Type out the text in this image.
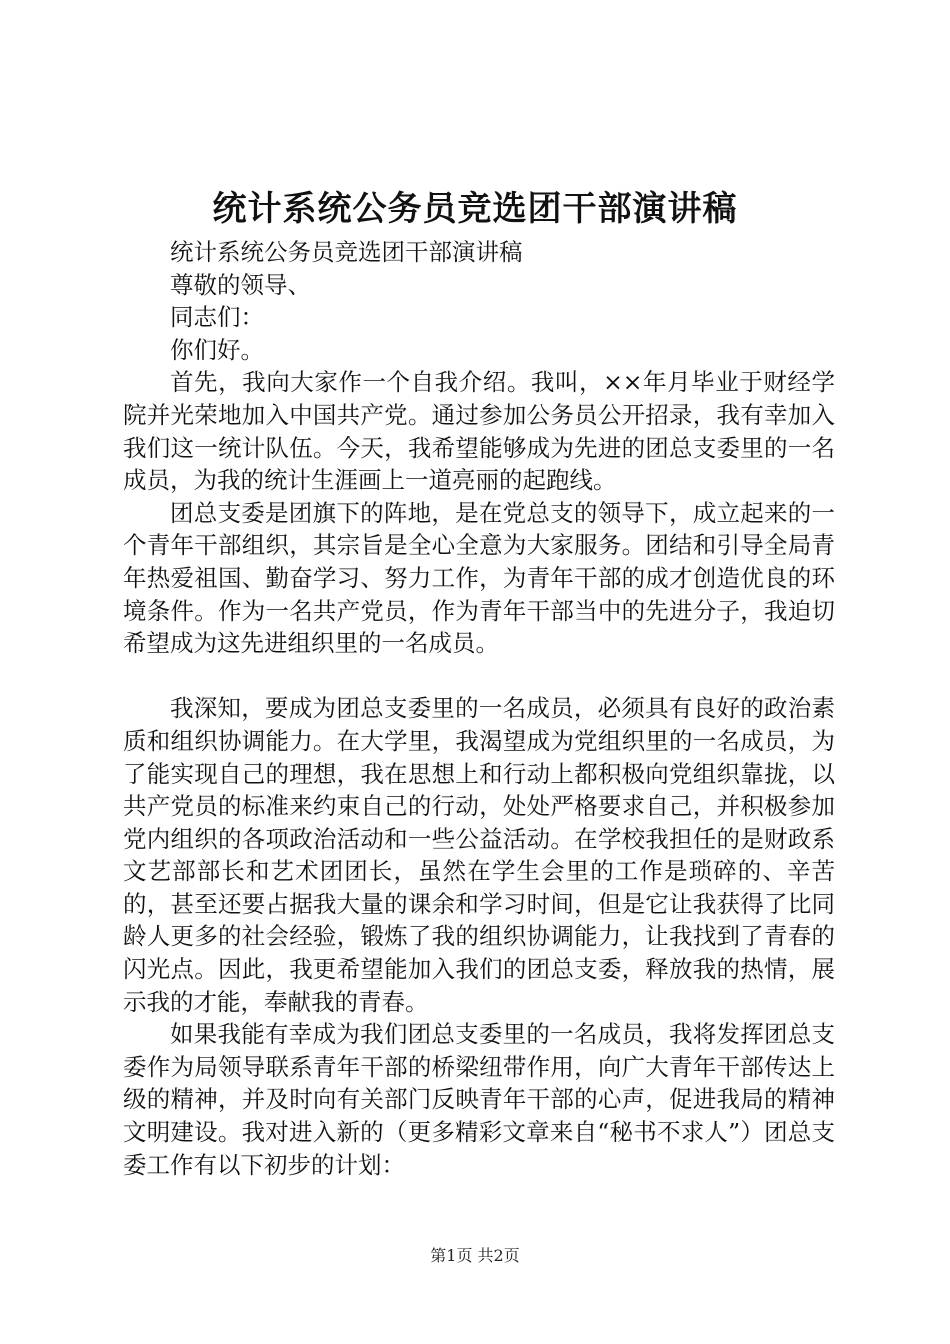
统计系统公务员竞选团干部演讲稿

统计系统公务员竞选团干部演讲稿

尊敬的领导、

同志们：

你们好。

首先，我向大家作一个自我介绍。我叫，××年月毕业于财经学院并光荣地加入中国共产党。通过参加公务员公开招录，我有幸加入我们这一统计队伍。今天，我希望能够成为先进的团总支委里的一名成员，为我的统计生涯画上一道亮丽的起跑线。

团总支委是团旗下的阵地，是在党总支的领导下，成立起来的一个青年干部组织，其宗旨是全心全意为大家服务。团结和引导全局青年热爱祖国、勤奋学习、努力工作，为青年干部的成才创造优良的环境条件。作为一名共产党员，作为青年干部当中的先进分子，我迫切希望成为这先进组织里的一名成员。

我深知，要成为团总支委里的一名成员，必须具有良好的政治素质和组织协调能力。在大学里，我渴望成为党组织里的一名成员，为了能实现自己的理想，我在思想上和行动上都积极向党组织靠拢，以共产党员的标准来约束自己的行动，处处严格要求自己，并积极参加党内组织的各项政治活动和一些公益活动。在学校我担任的是财政系文艺部部长和艺术团团长，虽然在学生会里的工作是琐碎的、辛苦的，甚至还要占据我大量的课余和学习时间，但是它让我获得了比同龄人更多的社会经验，锻炼了我的组织协调能力，让我找到了青春的闪光点。因此，我更希望能加入我们的团总支委，释放我的热情，展示我的才能，奉献我的青春。

如果我能有幸成为我们团总支委里的一名成员，我将发挥团总支委作为局领导联系青年干部的桥梁纽带作用，向广大青年干部传达上级的精神，并及时向有关部门反映青年干部的心声，促进我局的精神文明建设。我对进入新的（更多精彩文章来自“秘书不求人”）团总支委工作有以下初步的计划：

第1页 共2页
